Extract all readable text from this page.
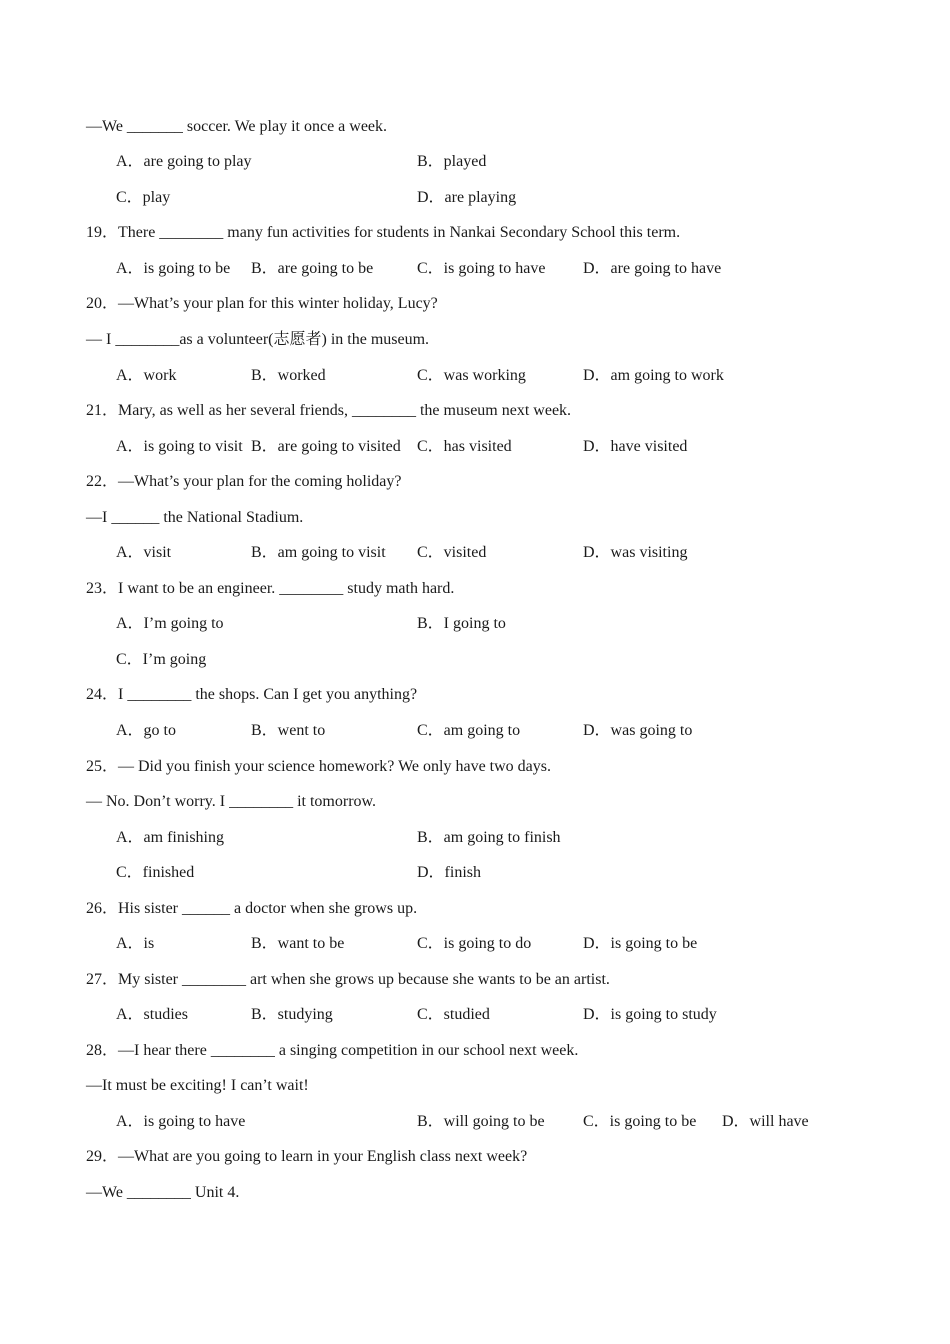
—We _______ soccer. We play it once a week.
A．are going to play	B．played
C．play	D．are playing
19．There ________ many fun activities for students in Nankai Secondary School this term.
A．is going to be B．are going to be	C．is going to have D．are going to have
20．—What’s your plan for this winter holiday, Lucy?
— I ________as a volunteer(志愿者) in the museum.
A．work	B．worked	C．was working	D．am going to work
21．Mary, as well as her several friends, ________ the museum next week.
A．is going to visit B．are going to visited C．has visited	D．have visited
22．—What’s your plan for the coming holiday?
—I ______ the National Stadium.
A．visit	B．am going to visit C．visited	D．was visiting
23．I want to be an engineer. ________ study math hard.
A．I’m going to	B．I going to
C．I’m going
24．I ________ the shops. Can I get you anything?
A．go to	B．went to	C．am going to	D．was going to
25．— Did you finish your science homework? We only have two days.
— No. Don’t worry. I ________ it tomorrow.
A．am finishing	B．am going to finish
C．finished	D．finish
26．His sister ______ a doctor when she grows up.
A．is	B．want to be	C．is going to do	D．is going to be
27．My sister ________ art when she grows up because she wants to be an artist.
A．studies	B．studying	C．studied	D．is going to study
28．—I hear there ________ a singing competition in our school next week.
—It must be exciting! I can’t wait!
A．is going to have	B．will going to be C．is going to be D．will have
29．—What are you going to learn in your English class next week?
—We ________ Unit 4.
